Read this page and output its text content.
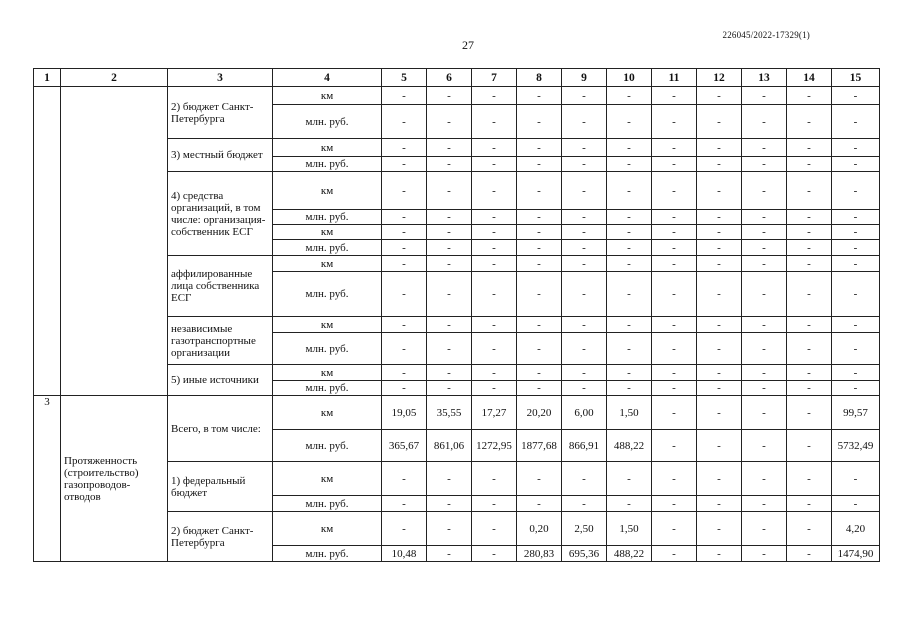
226045/2022-17329(1)
27
1	2	3	4	5	6	7	8	9	10	11	12	13	14	15
		2) бюджет Санкт-Петербурга	км	-	-	-	-	-	-	-	-	-	-	-
			млн. руб.	-	-	-	-	-	-	-	-	-	-	-
		3) местный бюджет	км	-	-	-	-	-	-	-	-	-	-	-
			млн. руб.	-	-	-	-	-	-	-	-	-	-	-
		4) средства организаций, в том числе: организация-собственник ЕСГ	км	-	-	-	-	-	-	-	-	-	-	-
			млн. руб.	-	-	-	-	-	-	-	-	-	-	-
			км	-	-	-	-	-	-	-	-	-	-	-
			млн. руб.	-	-	-	-	-	-	-	-	-	-	-
		аффилированные лица собственника ЕСГ	км	-	-	-	-	-	-	-	-	-	-	-
			млн. руб.	-	-	-	-	-	-	-	-	-	-	-
		независимые газотранспортные организации	км	-	-	-	-	-	-	-	-	-	-	-
			млн. руб.	-	-	-	-	-	-	-	-	-	-	-
		5) иные источники	км	-	-	-	-	-	-	-	-	-	-	-
			млн. руб.	-	-	-	-	-	-	-	-	-	-	-
3	Протяженность (строительство) газопроводов-отводов	Всего, в том числе:	км	19,05	35,55	17,27	20,20	6,00	1,50	-	-	-	-	99,57
			млн. руб.	365,67	861,06	1272,95	1877,68	866,91	488,22	-	-	-	-	5732,49
		1) федеральный бюджет	км	-	-	-	-	-	-	-	-	-	-	-
			млн. руб.	-	-	-	-	-	-	-	-	-	-	-
		2) бюджет Санкт-Петербурга	км	-	-	-	0,20	2,50	1,50	-	-	-	-	4,20
			млн. руб.	10,48	-	-	280,83	695,36	488,22	-	-	-	-	1474,90
